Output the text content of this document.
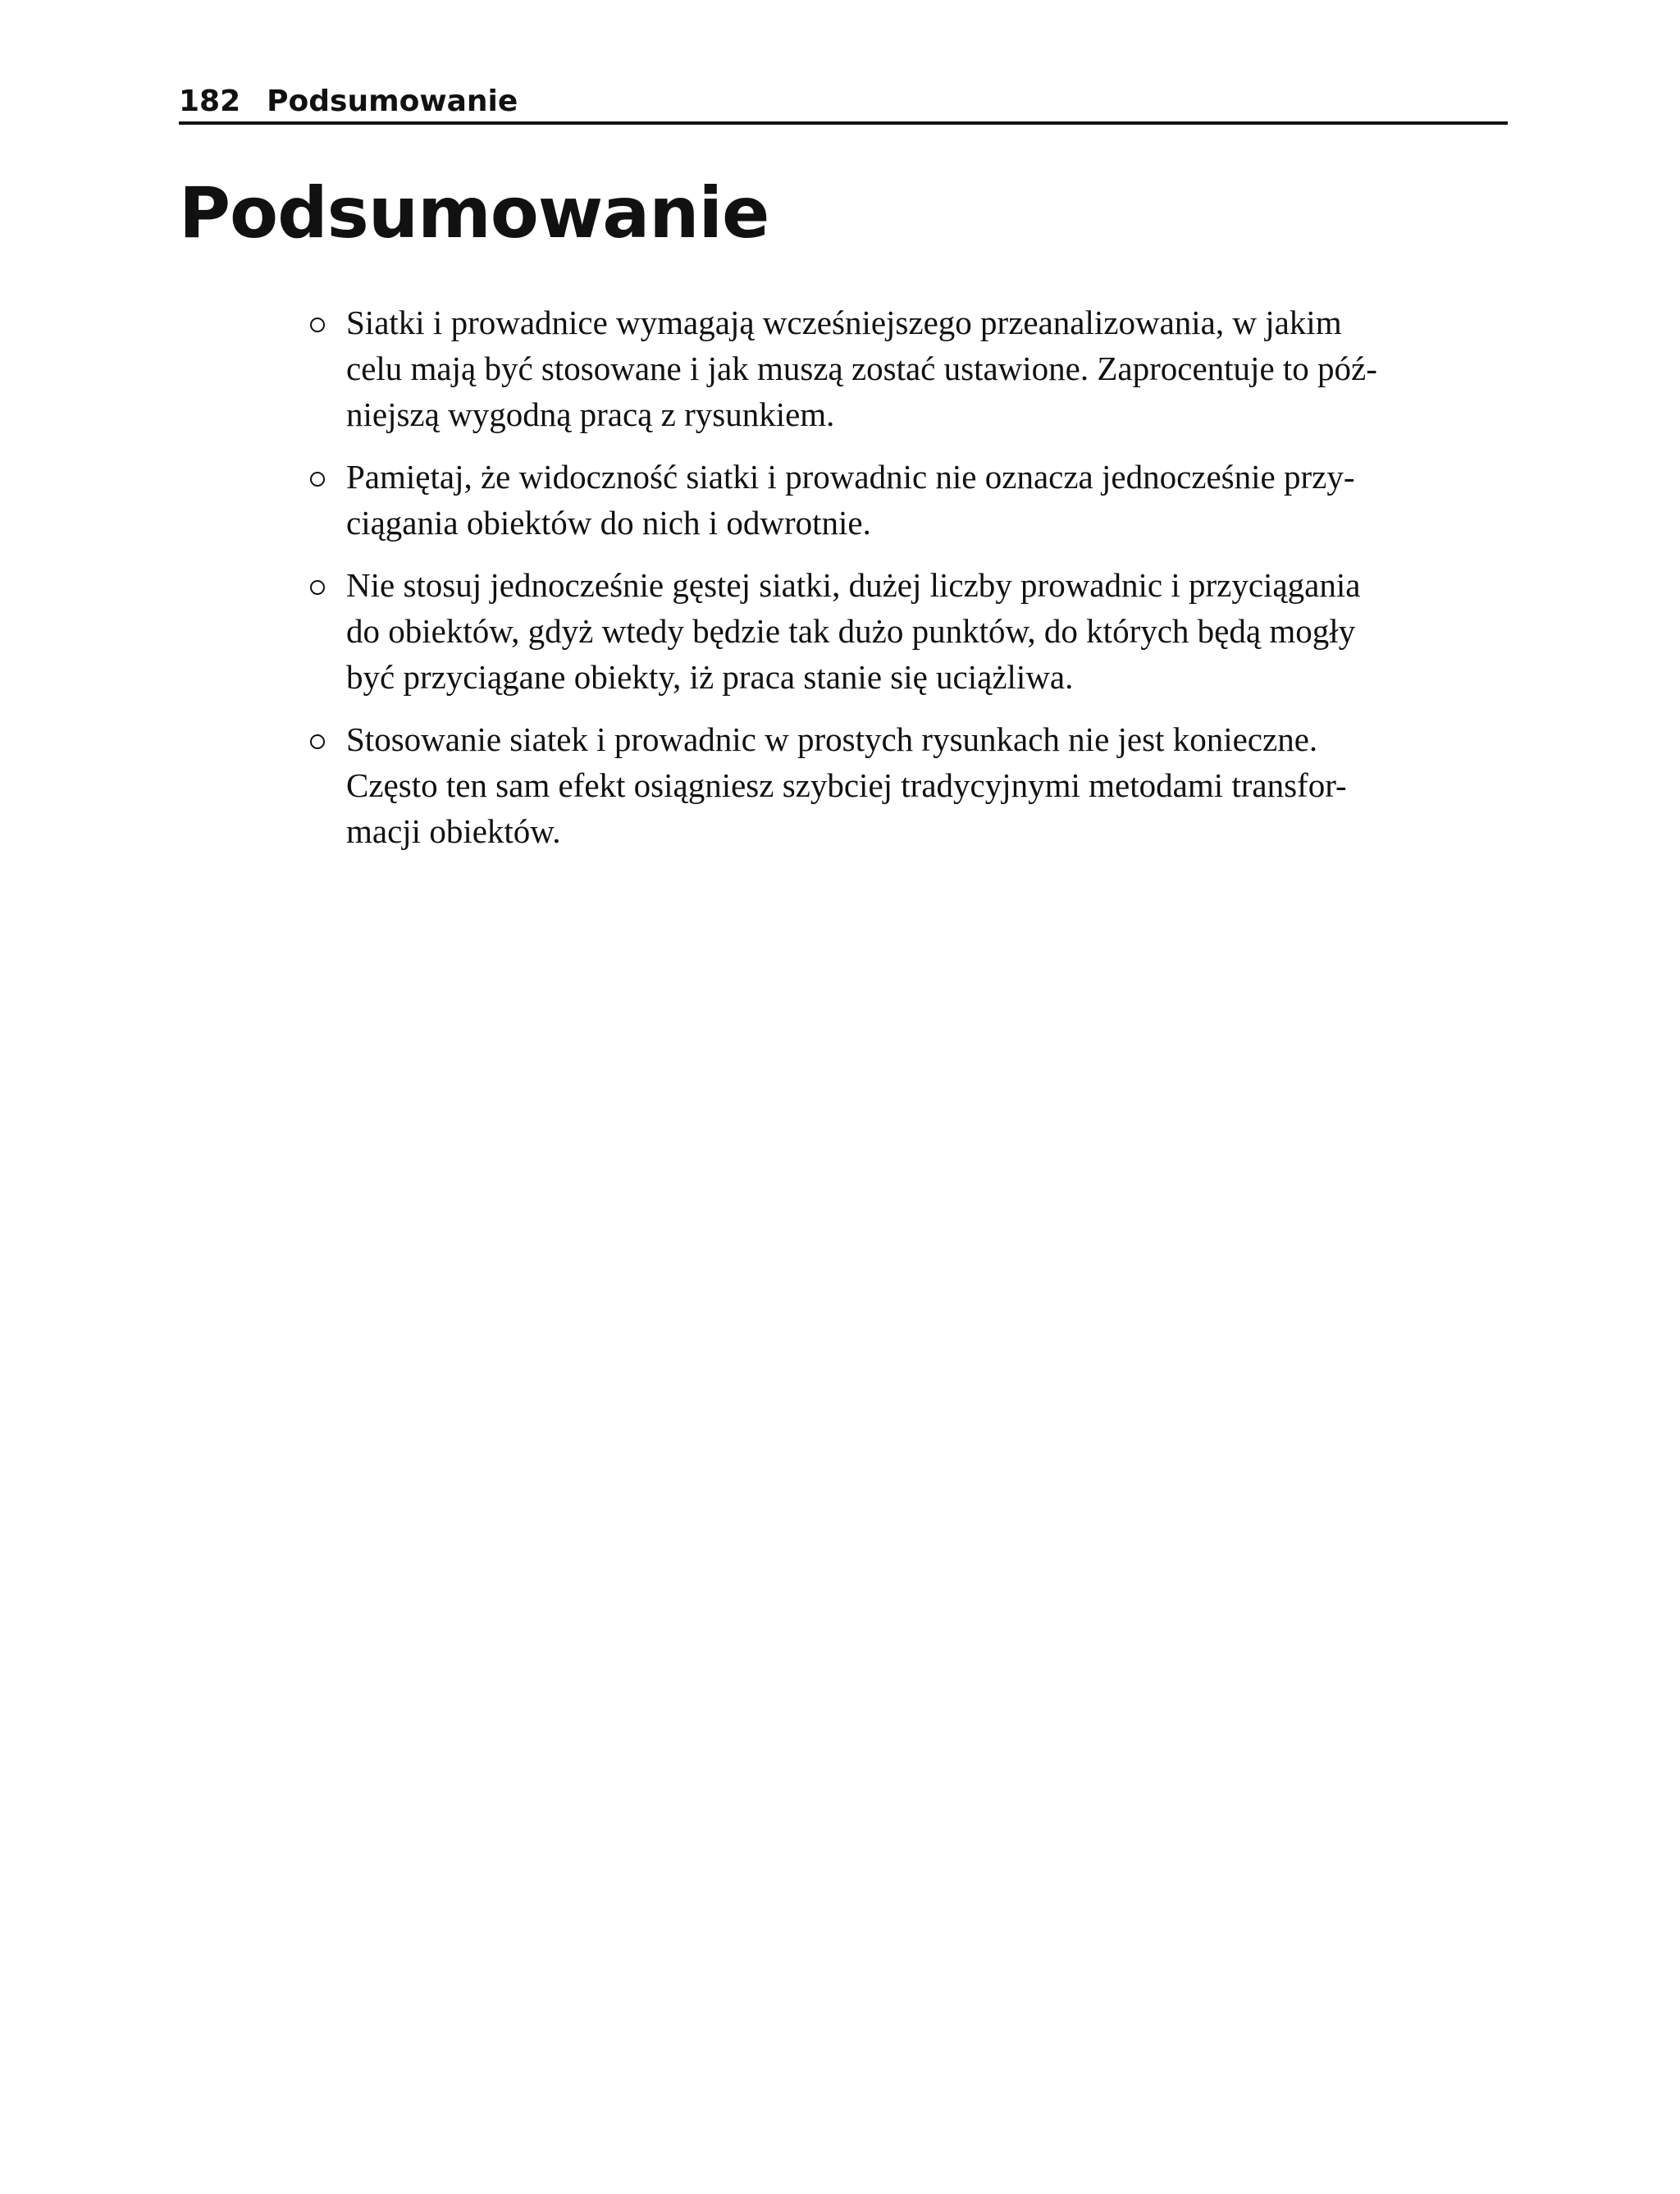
182 Podsumowanie
Podsumowanie
Siatki i prowadnice wymagają wcześniejszego przeanalizowania, w jakim
celu mają być stosowane i jak muszą zostać ustawione. Zaprocentuje to póź-
niejszą wygodną pracą z rysunkiem.
Pamiętaj, że widoczność siatki i prowadnic nie oznacza jednocześnie przy-
ciągania obiektów do nich i odwrotnie.
Nie stosuj jednocześnie gęstej siatki, dużej liczby prowadnic i przyciągania
do obiektów, gdyż wtedy będzie tak dużo punktów, do których będą mogły
być przyciągane obiekty, iż praca stanie się uciążliwa.
Stosowanie siatek i prowadnic w prostych rysunkach nie jest konieczne.
Często ten sam efekt osiągniesz szybciej tradycyjnymi metodami transfor-
macji obiektów.
